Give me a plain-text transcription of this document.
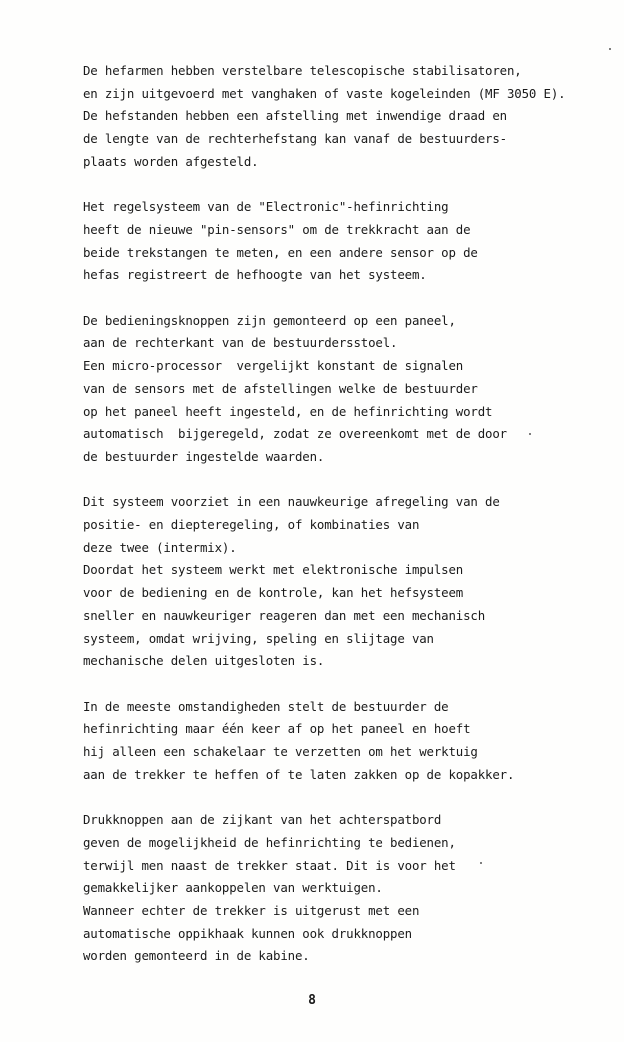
De hefarmen hebben verstelbare telescopische stabilisatoren,
en zijn uitgevoerd met vanghaken of vaste kogeleinden (MF 3050 E).
De hefstanden hebben een afstelling met inwendige draad en
de lengte van de rechterhefstang kan vanaf de bestuurders-
plaats worden afgesteld.
Het regelsysteem van de "Electronic"-hefinrichting
heeft de nieuwe "pin-sensors" om de trekkracht aan de
beide trekstangen te meten, en een andere sensor op de
hefas registreert de hefhoogte van het systeem.
De bedieningsknoppen zijn gemonteerd op een paneel,
aan de rechterkant van de bestuurdersstoel.
Een micro-processor  vergelijkt konstant de signalen
van de sensors met de afstellingen welke de bestuurder
op het paneel heeft ingesteld, en de hefinrichting wordt
automatisch  bijgeregeld, zodat ze overeenkomt met de door
de bestuurder ingestelde waarden.
Dit systeem voorziet in een nauwkeurige afregeling van de
positie- en diepteregeling, of kombinaties van
deze twee (intermix).
Doordat het systeem werkt met elektronische impulsen
voor de bediening en de kontrole, kan het hefsysteem
sneller en nauwkeuriger reageren dan met een mechanisch
systeem, omdat wrijving, speling en slijtage van
mechanische delen uitgesloten is.
In de meeste omstandigheden stelt de bestuurder de
hefinrichting maar één keer af op het paneel en hoeft
hij alleen een schakelaar te verzetten om het werktuig
aan de trekker te heffen of te laten zakken op de kopakker.
Drukknoppen aan de zijkant van het achterspatbord
geven de mogelijkheid de hefinrichting te bedienen,
terwijl men naast de trekker staat. Dit is voor het
gemakkelijker aankoppelen van werktuigen.
Wanneer echter de trekker is uitgerust met een
automatische oppikhaak kunnen ook drukknoppen
worden gemonteerd in de kabine.
8
